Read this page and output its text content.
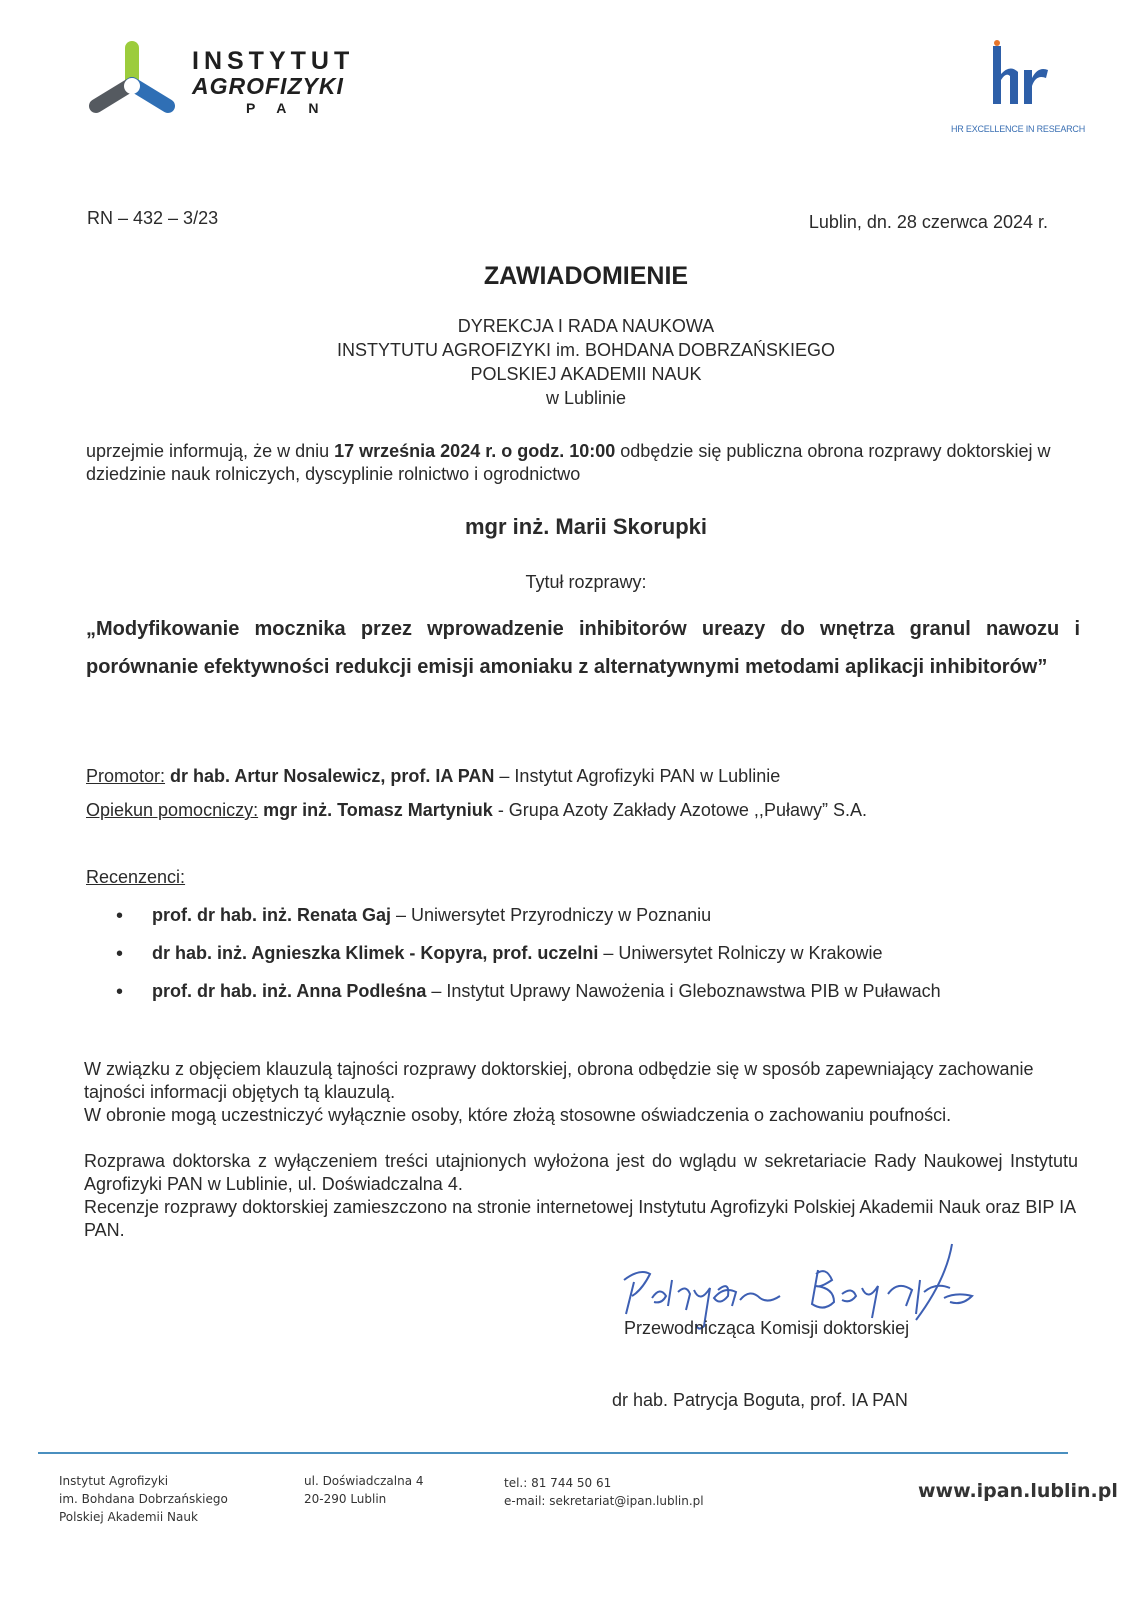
INSTYTUT
AGROFIZYKI
PAN
HR EXCELLENCE IN RESEARCH
RN – 432 – 3/23	Lublin, dn. 28 czerwca 2024 r.
ZAWIADOMIENIE
DYREKCJA I RADA NAUKOWA
INSTYTUTU AGROFIZYKI im. BOHDANA DOBRZAŃSKIEGO
POLSKIEJ AKADEMII NAUK
w Lublinie
uprzejmie informują, że w dniu 17 września 2024 r. o godz. 10:00 odbędzie się publiczna obrona rozprawy doktorskiej w dziedzinie nauk rolniczych, dyscyplinie rolnictwo i ogrodnictwo
mgr inż. Marii Skorupki
Tytuł rozprawy:
„Modyfikowanie mocznika przez wprowadzenie inhibitorów ureazy do wnętrza granul nawozu i porównanie efektywności redukcji emisji amoniaku z alternatywnymi metodami aplikacji inhibitorów”
Promotor: dr hab. Artur Nosalewicz, prof. IA PAN – Instytut Agrofizyki PAN w Lublinie
Opiekun pomocniczy: mgr inż. Tomasz Martyniuk - Grupa Azoty Zakłady Azotowe ,,Puławy” S.A.
Recenzenci:
• prof. dr hab. inż. Renata Gaj – Uniwersytet Przyrodniczy w Poznaniu
• dr hab. inż. Agnieszka Klimek - Kopyra, prof. uczelni – Uniwersytet Rolniczy w Krakowie
• prof. dr hab. inż. Anna Podleśna – Instytut Uprawy Nawożenia i Gleboznawstwa PIB w Puławach
W związku z objęciem klauzulą tajności rozprawy doktorskiej, obrona odbędzie się w sposób zapewniający zachowanie tajności informacji objętych tą klauzulą.
W obronie mogą uczestniczyć wyłącznie osoby, które złożą stosowne oświadczenia o zachowaniu poufności.
Rozprawa doktorska z wyłączeniem treści utajnionych wyłożona jest do wglądu w sekretariacie Rady Naukowej Instytutu Agrofizyki PAN w Lublinie, ul. Doświadczalna 4.
Recenzje rozprawy doktorskiej zamieszczono na stronie internetowej Instytutu Agrofizyki Polskiej Akademii Nauk oraz BIP IA PAN.
Przewodnicząca Komisji doktorskiej
dr hab. Patrycja Boguta, prof. IA PAN
Instytut Agrofizyki
im. Bohdana Dobrzańskiego
Polskiej Akademii Nauk
ul. Doświadczalna 4
20-290 Lublin
tel.: 81 744 50 61
e-mail: sekretariat@ipan.lublin.pl	www.ipan.lublin.pl
